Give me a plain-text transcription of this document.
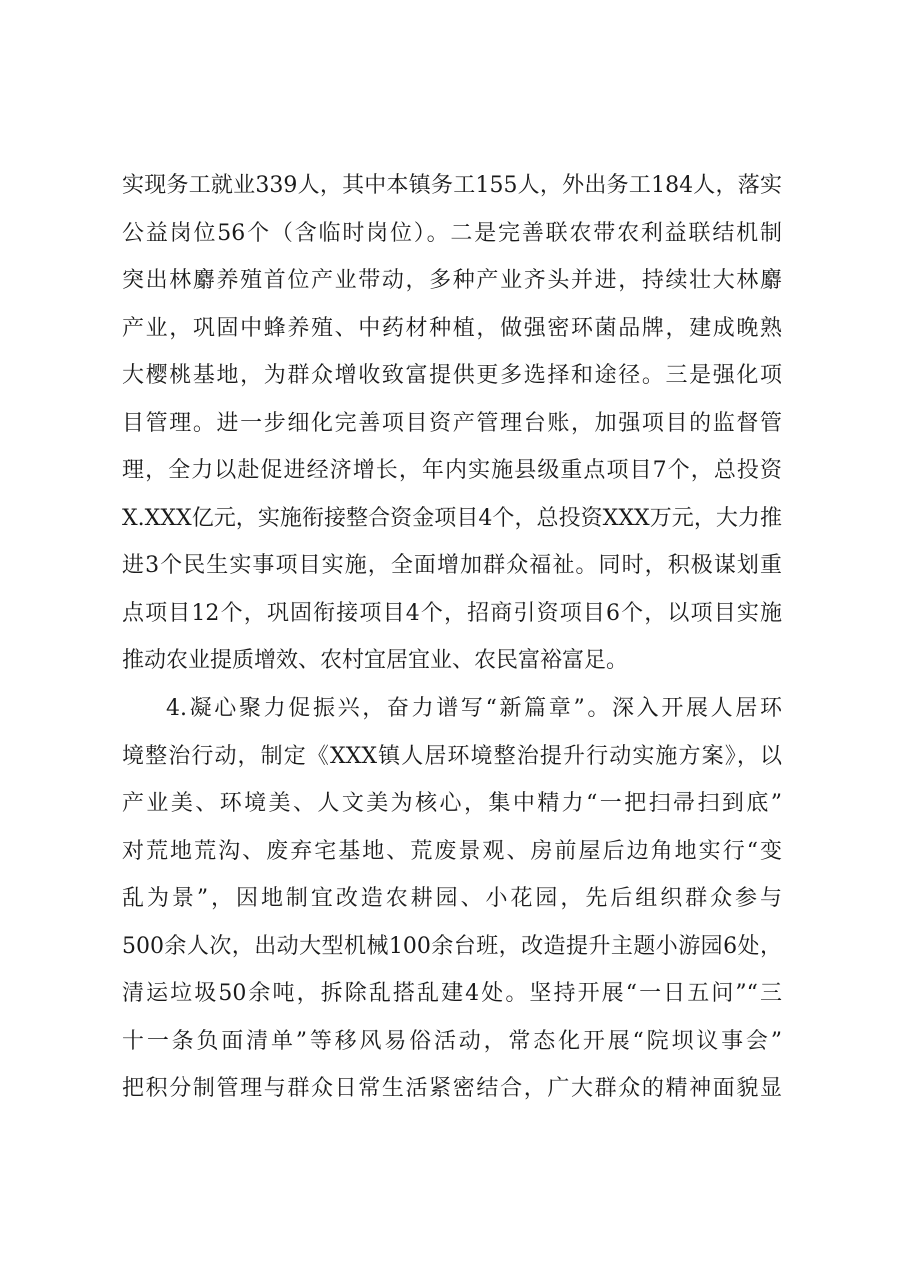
实现务工就业339人，其中本镇务工155人，外出务工184人，落实
公益岗位56个（含临时岗位）。二是完善联农带农利益联结机制
突出林麝养殖首位产业带动，多种产业齐头并进，持续壮大林麝
产业，巩固中蜂养殖、中药材种植，做强密环菌品牌，建成晚熟
大樱桃基地，为群众增收致富提供更多选择和途径。三是强化项
目管理。进一步细化完善项目资产管理台账，加强项目的监督管
理，全力以赴促进经济增长，年内实施县级重点项目7个，总投资
X.XXX亿元，实施衔接整合资金项目4个，总投资XXX万元，大力推
进3个民生实事项目实施，全面增加群众福祉。同时，积极谋划重
点项目12个，巩固衔接项目4个，招商引资项目6个，以项目实施
推动农业提质增效、农村宜居宜业、农民富裕富足。
4.凝心聚力促振兴，奋力谱写“新篇章”。深入开展人居环
境整治行动，制定《XXX镇人居环境整治提升行动实施方案》，以
产业美、环境美、人文美为核心，集中精力“一把扫帚扫到底”
对荒地荒沟、废弃宅基地、荒废景观、房前屋后边角地实行“变
乱为景”，因地制宜改造农耕园、小花园，先后组织群众参与
500余人次，出动大型机械100余台班，改造提升主题小游园6处，
清运垃圾50余吨，拆除乱搭乱建4处。坚持开展“一日五问”“三
十一条负面清单”等移风易俗活动，常态化开展“院坝议事会”
把积分制管理与群众日常生活紧密结合，广大群众的精神面貌显
